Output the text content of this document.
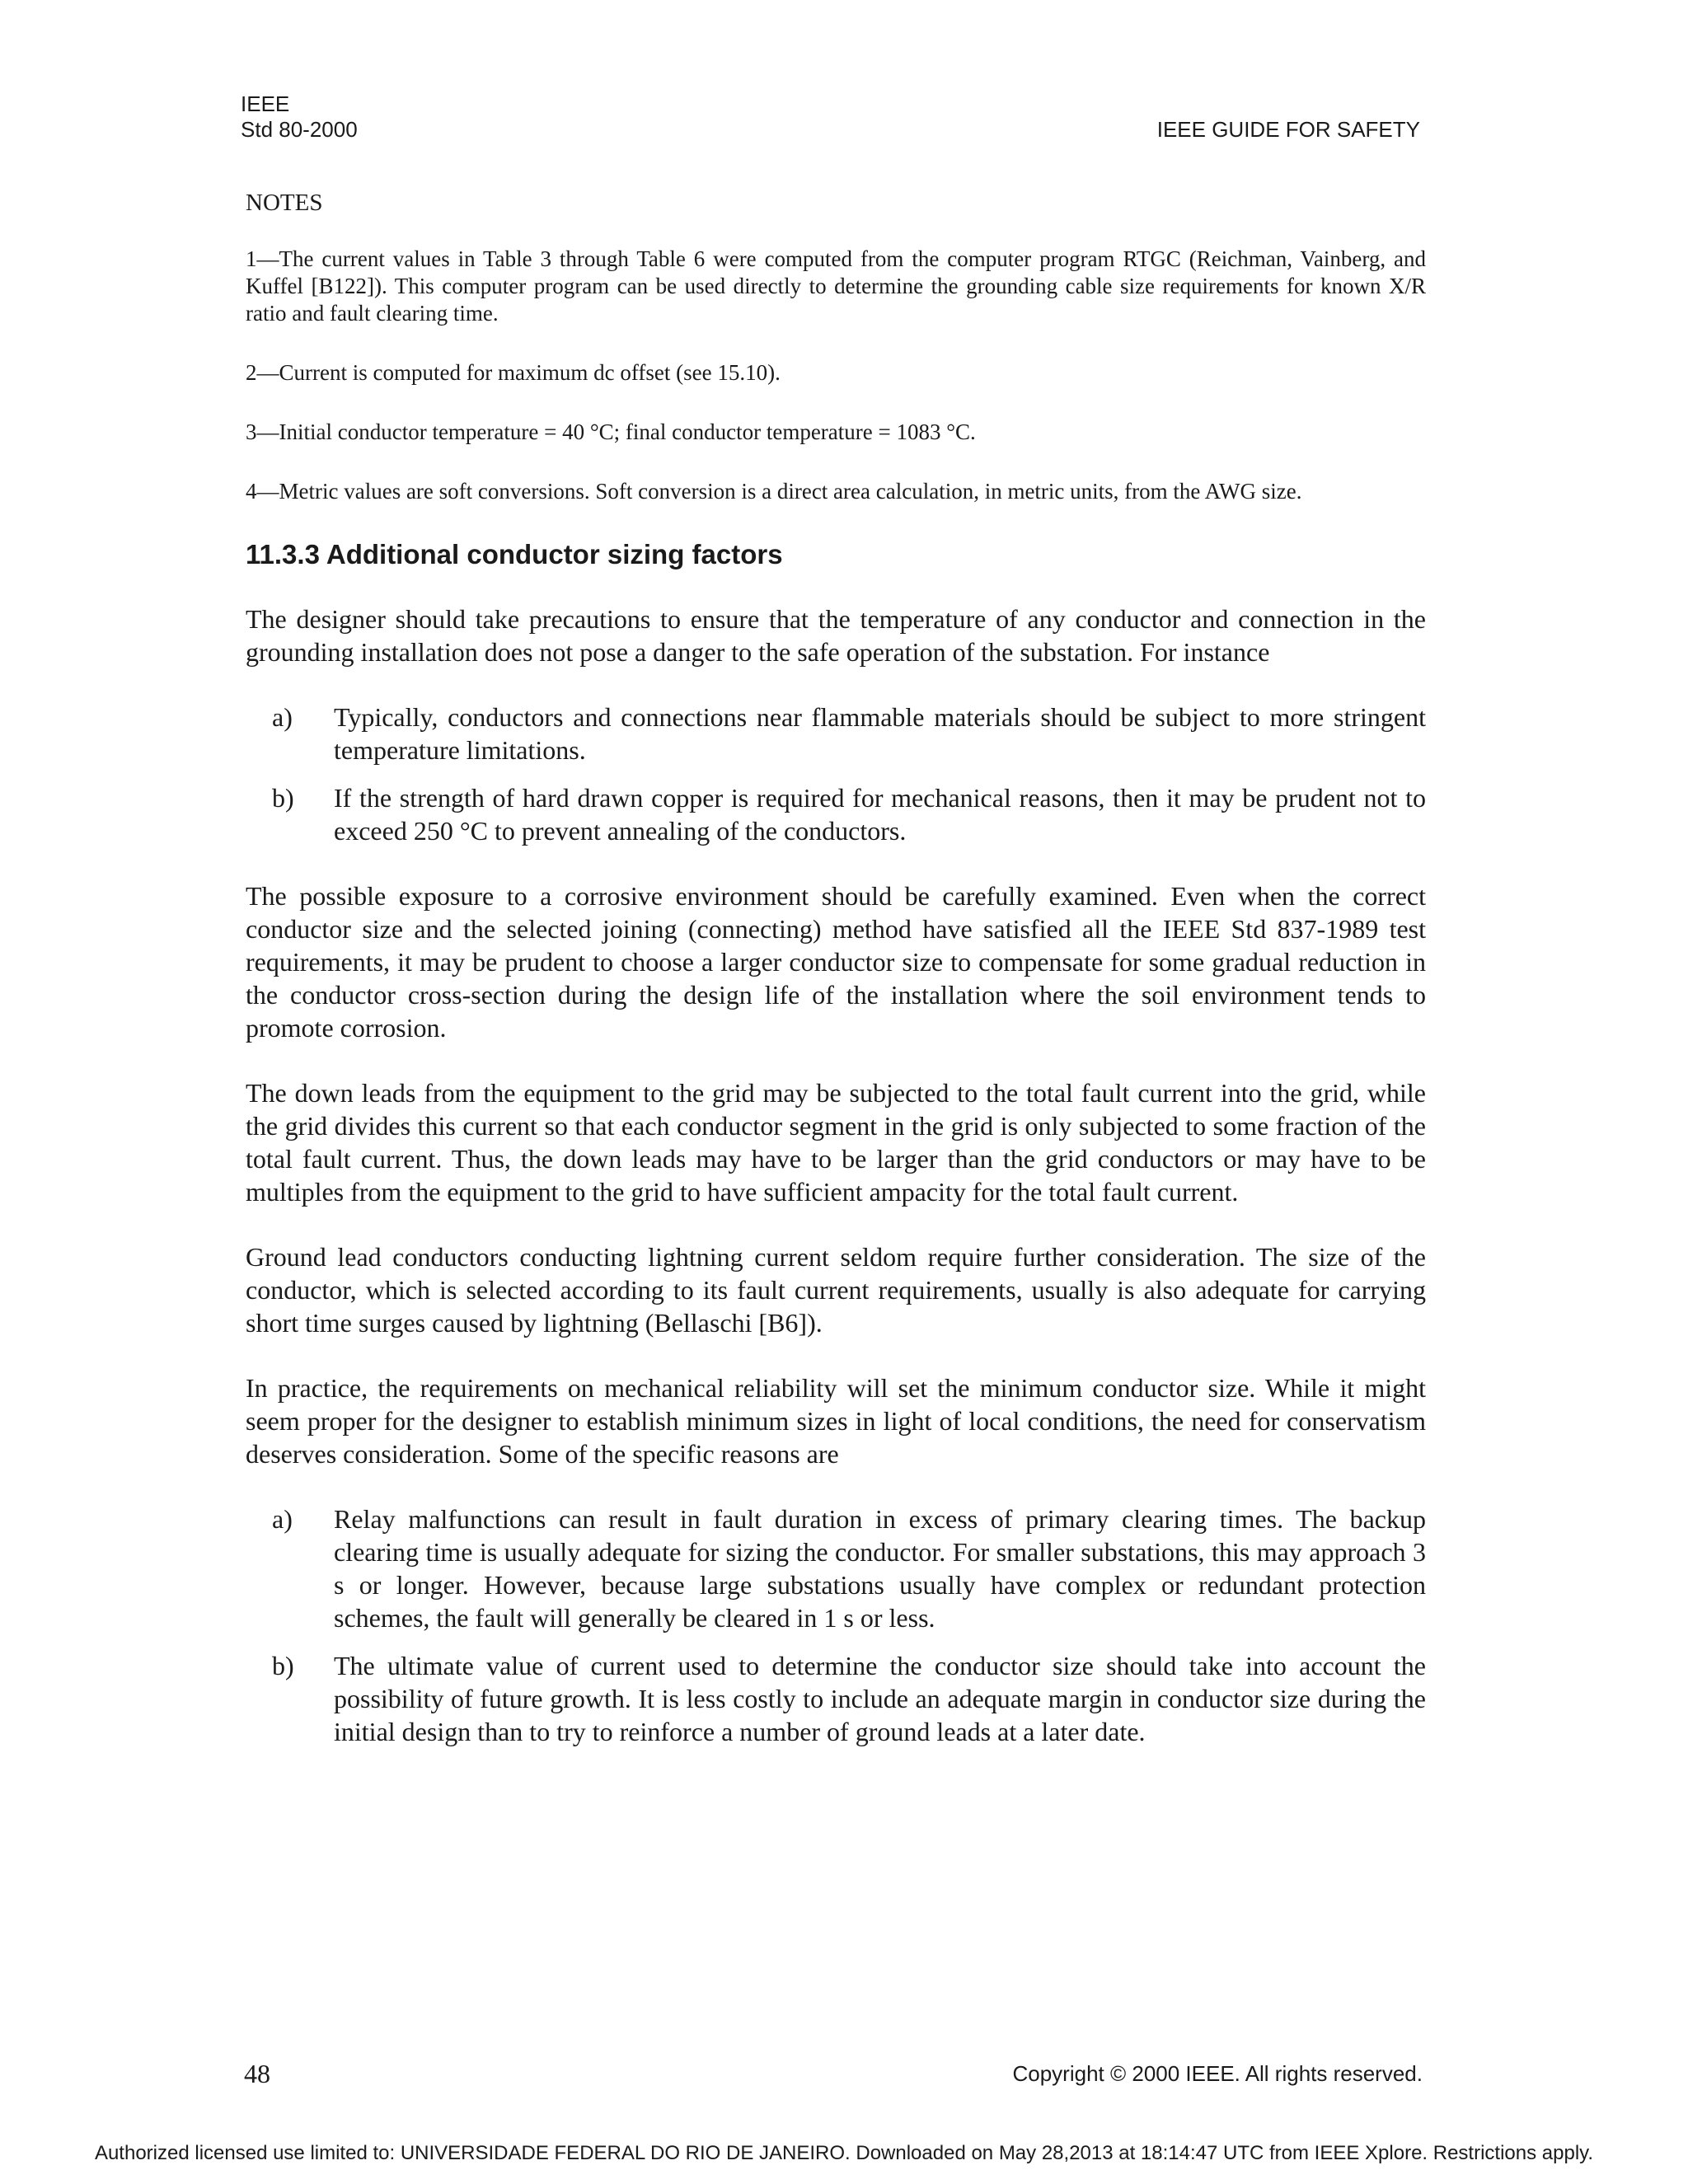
IEEE
Std 80-2000	IEEE GUIDE FOR SAFETY
NOTES
1—The current values in Table 3 through Table 6 were computed from the computer program RTGC (Reichman, Vainberg, and Kuffel [B122]). This computer program can be used directly to determine the grounding cable size requirements for known X/R ratio and fault clearing time.
2—Current is computed for maximum dc offset (see 15.10).
3—Initial conductor temperature = 40 °C; final conductor temperature = 1083 °C.
4—Metric values are soft conversions. Soft conversion is a direct area calculation, in metric units, from the AWG size.
11.3.3 Additional conductor sizing factors
The designer should take precautions to ensure that the temperature of any conductor and connection in the grounding installation does not pose a danger to the safe operation of the substation. For instance
a)	Typically, conductors and connections near flammable materials should be subject to more stringent temperature limitations.
b)	If the strength of hard drawn copper is required for mechanical reasons, then it may be prudent not to exceed 250 °C to prevent annealing of the conductors.
The possible exposure to a corrosive environment should be carefully examined. Even when the correct conductor size and the selected joining (connecting) method have satisfied all the IEEE Std 837-1989 test requirements, it may be prudent to choose a larger conductor size to compensate for some gradual reduction in the conductor cross-section during the design life of the installation where the soil environment tends to promote corrosion.
The down leads from the equipment to the grid may be subjected to the total fault current into the grid, while the grid divides this current so that each conductor segment in the grid is only subjected to some fraction of the total fault current. Thus, the down leads may have to be larger than the grid conductors or may have to be multiples from the equipment to the grid to have sufficient ampacity for the total fault current.
Ground lead conductors conducting lightning current seldom require further consideration. The size of the conductor, which is selected according to its fault current requirements, usually is also adequate for carrying short time surges caused by lightning (Bellaschi [B6]).
In practice, the requirements on mechanical reliability will set the minimum conductor size. While it might seem proper for the designer to establish minimum sizes in light of local conditions, the need for conservatism deserves consideration. Some of the specific reasons are
a)	Relay malfunctions can result in fault duration in excess of primary clearing times. The backup clearing time is usually adequate for sizing the conductor. For smaller substations, this may approach 3 s or longer. However, because large substations usually have complex or redundant protection schemes, the fault will generally be cleared in 1 s or less.
b)	The ultimate value of current used to determine the conductor size should take into account the possibility of future growth. It is less costly to include an adequate margin in conductor size during the initial design than to try to reinforce a number of ground leads at a later date.
48	Copyright © 2000 IEEE. All rights reserved.
Authorized licensed use limited to: UNIVERSIDADE FEDERAL DO RIO DE JANEIRO. Downloaded on May 28,2013 at 18:14:47 UTC from IEEE Xplore. Restrictions apply.
